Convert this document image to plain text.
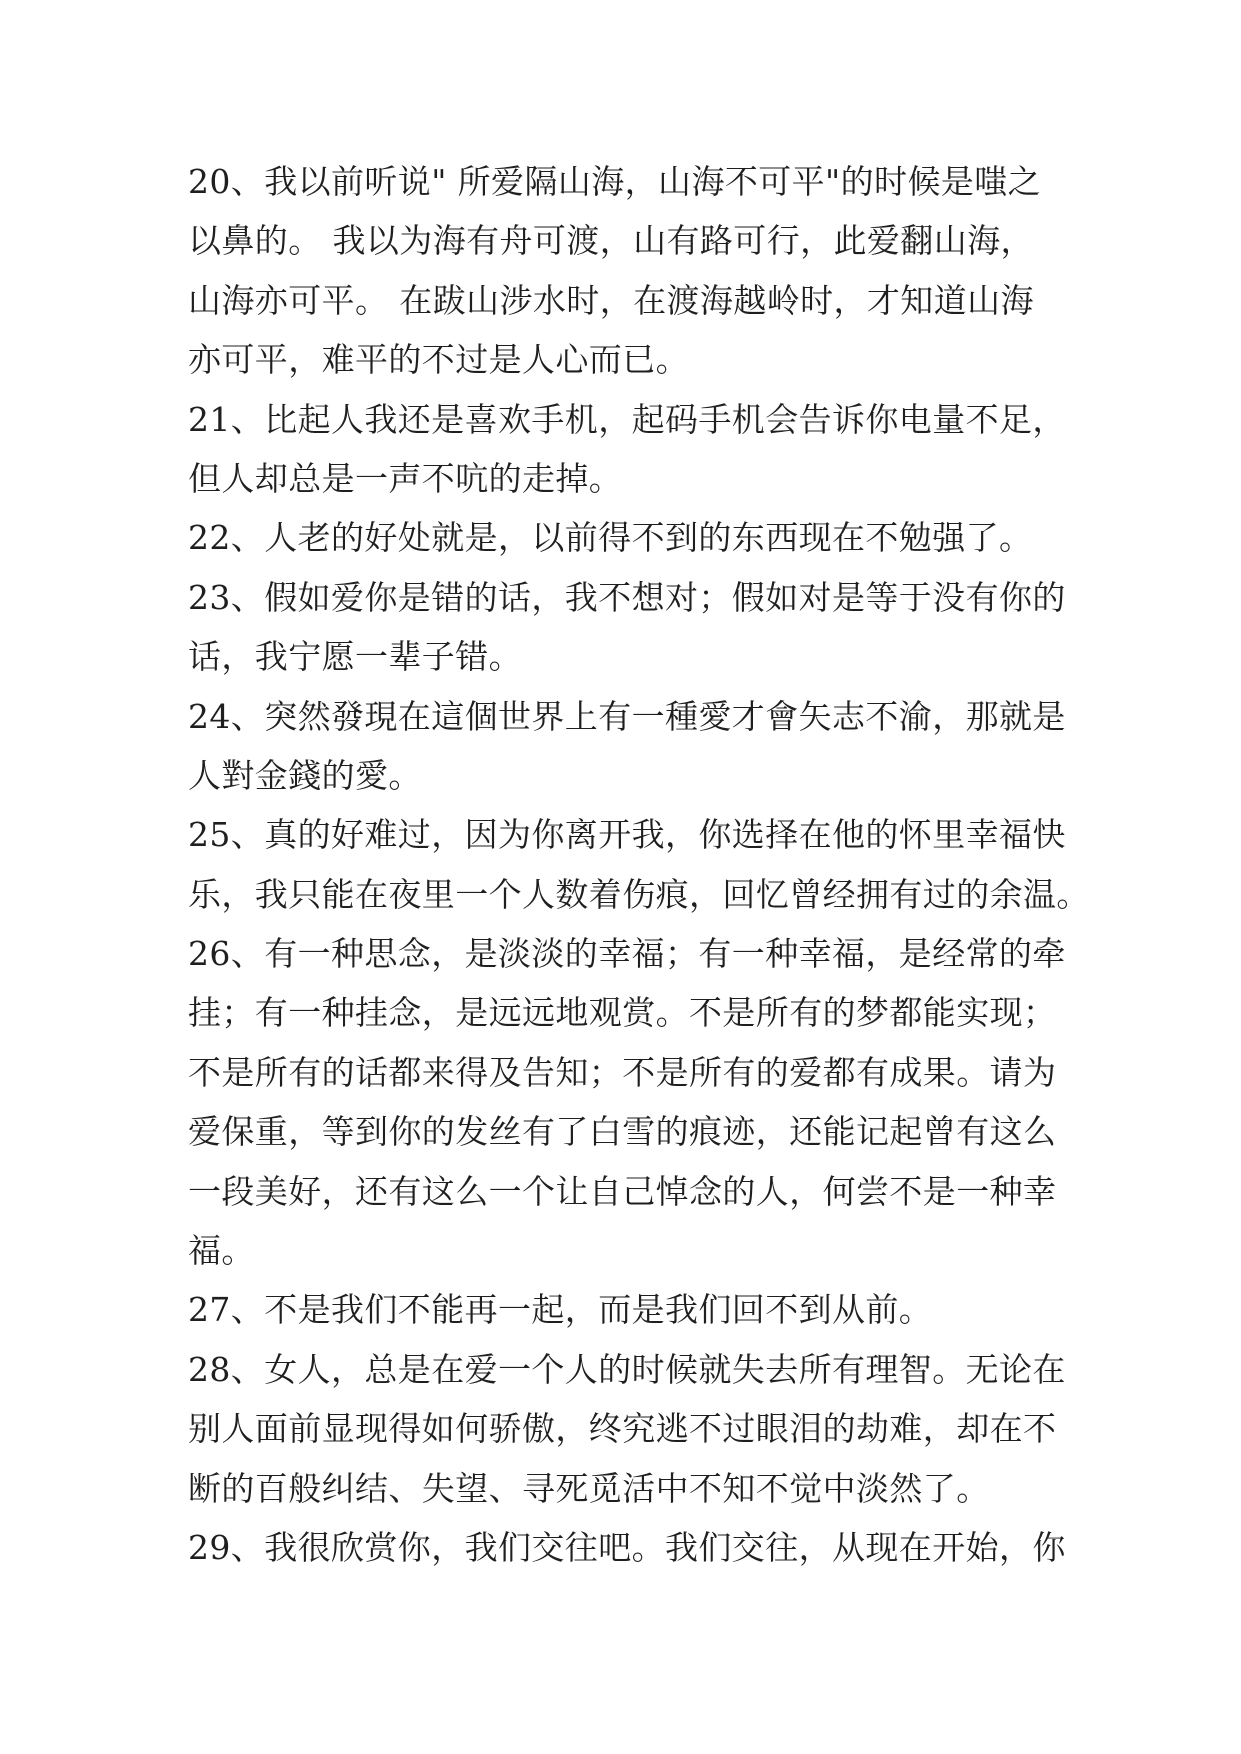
20、我以前听说" 所爱隔山海，山海不可平"的时候是嗤之
以鼻的。 我以为海有舟可渡，山有路可行，此爱翻山海，
山海亦可平。 在跋山涉水时，在渡海越岭时，才知道山海
亦可平，难平的不过是人心而已。
21、比起人我还是喜欢手机，起码手机会告诉你电量不足，
但人却总是一声不吭的走掉。
22、人老的好处就是，以前得不到的东西现在不勉强了。
23、假如爱你是错的话，我不想对；假如对是等于没有你的
话，我宁愿一辈子错。
24、突然發現在這個世界上有一種愛才會矢志不渝，那就是
人對金錢的愛。
25、真的好难过，因为你离开我，你选择在他的怀里幸福快
乐，我只能在夜里一个人数着伤痕，回忆曾经拥有过的余温。
26、有一种思念，是淡淡的幸福；有一种幸福，是经常的牵
挂；有一种挂念，是远远地观赏。不是所有的梦都能实现；
不是所有的话都来得及告知；不是所有的爱都有成果。请为
爱保重，等到你的发丝有了白雪的痕迹，还能记起曾有这么
一段美好，还有这么一个让自己悼念的人，何尝不是一种幸
福。
27、不是我们不能再一起，而是我们回不到从前。
28、女人，总是在爱一个人的时候就失去所有理智。无论在
别人面前显现得如何骄傲，终究逃不过眼泪的劫难，却在不
断的百般纠结、失望、寻死觅活中不知不觉中淡然了。
29、我很欣赏你，我们交往吧。我们交往，从现在开始，你
